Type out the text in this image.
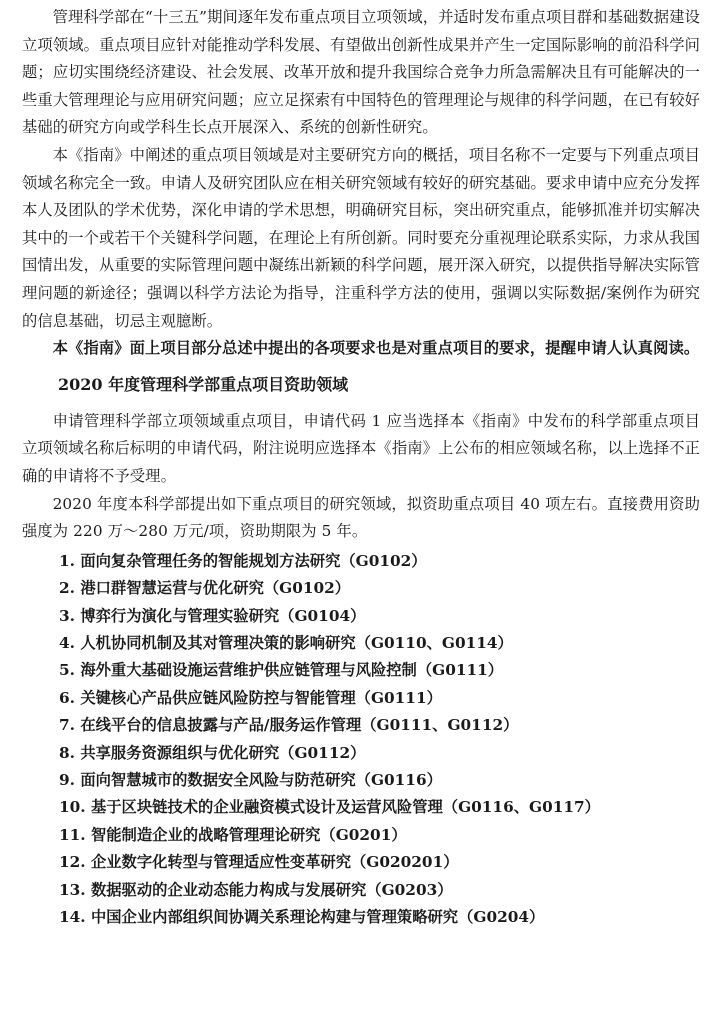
管理科学部在“十三五”期间逐年发布重点项目立项领域，并适时发布重点项目群和基础数据建设立项领域。重点项目应针对能推动学科发展、有望做出创新性成果并产生一定国际影响的前沿科学问题；应切实围绕经济建设、社会发展、改革开放和提升我国综合竞争力所急需解决且有可能解决的一些重大管理理论与应用研究问题；应立足探索有中国特色的管理理论与规律的科学问题，在已有较好基础的研究方向或学科生长点开展深入、系统的创新性研究。

本《指南》中阐述的重点项目领域是对主要研究方向的概括，项目名称不一定要与下列重点项目领域名称完全一致。申请人及研究团队应在相关研究领域有较好的研究基础。要求申请中应充分发挥本人及团队的学术优势，深化申请的学术思想，明确研究目标，突出研究重点，能够抓准并切实解决其中的一个或若干个关键科学问题，在理论上有所创新。同时要充分重视理论联系实际，力求从我国国情出发，从重要的实际管理问题中凝练出新颖的科学问题，展开深入研究，以提供指导解决实际管理问题的新途径；强调以科学方法论为指导，注重科学方法的使用，强调以实际数据/案例作为研究的信息基础，切忌主观臆断。

本《指南》面上项目部分总述中提出的各项要求也是对重点项目的要求，提醒申请人认真阅读。

2020 年度管理科学部重点项目资助领域

申请管理科学部立项领域重点项目，申请代码 1 应当选择本《指南》中发布的科学部重点项目立项领域名称后标明的申请代码，附注说明应选择本《指南》上公布的相应领域名称，以上选择不正确的申请将不予受理。

2020 年度本科学部提出如下重点项目的研究领域，拟资助重点项目 40 项左右。直接费用资助强度为 220 万～280 万元/项，资助期限为 5 年。

1. 面向复杂管理任务的智能规划方法研究（G0102）
2. 港口群智慧运营与优化研究（G0102）
3. 博弈行为演化与管理实验研究（G0104）
4. 人机协同机制及其对管理决策的影响研究（G0110、G0114）
5. 海外重大基础设施运营维护供应链管理与风险控制（G0111）
6. 关键核心产品供应链风险防控与智能管理（G0111）
7. 在线平台的信息披露与产品/服务运作管理（G0111、G0112）
8. 共享服务资源组织与优化研究（G0112）
9. 面向智慧城市的数据安全风险与防范研究（G0116）
10. 基于区块链技术的企业融资模式设计及运营风险管理（G0116、G0117）
11. 智能制造企业的战略管理理论研究（G0201）
12. 企业数字化转型与管理适应性变革研究（G020201）
13. 数据驱动的企业动态能力构成与发展研究（G0203）
14. 中国企业内部组织间协调关系理论构建与管理策略研究（G0204）
